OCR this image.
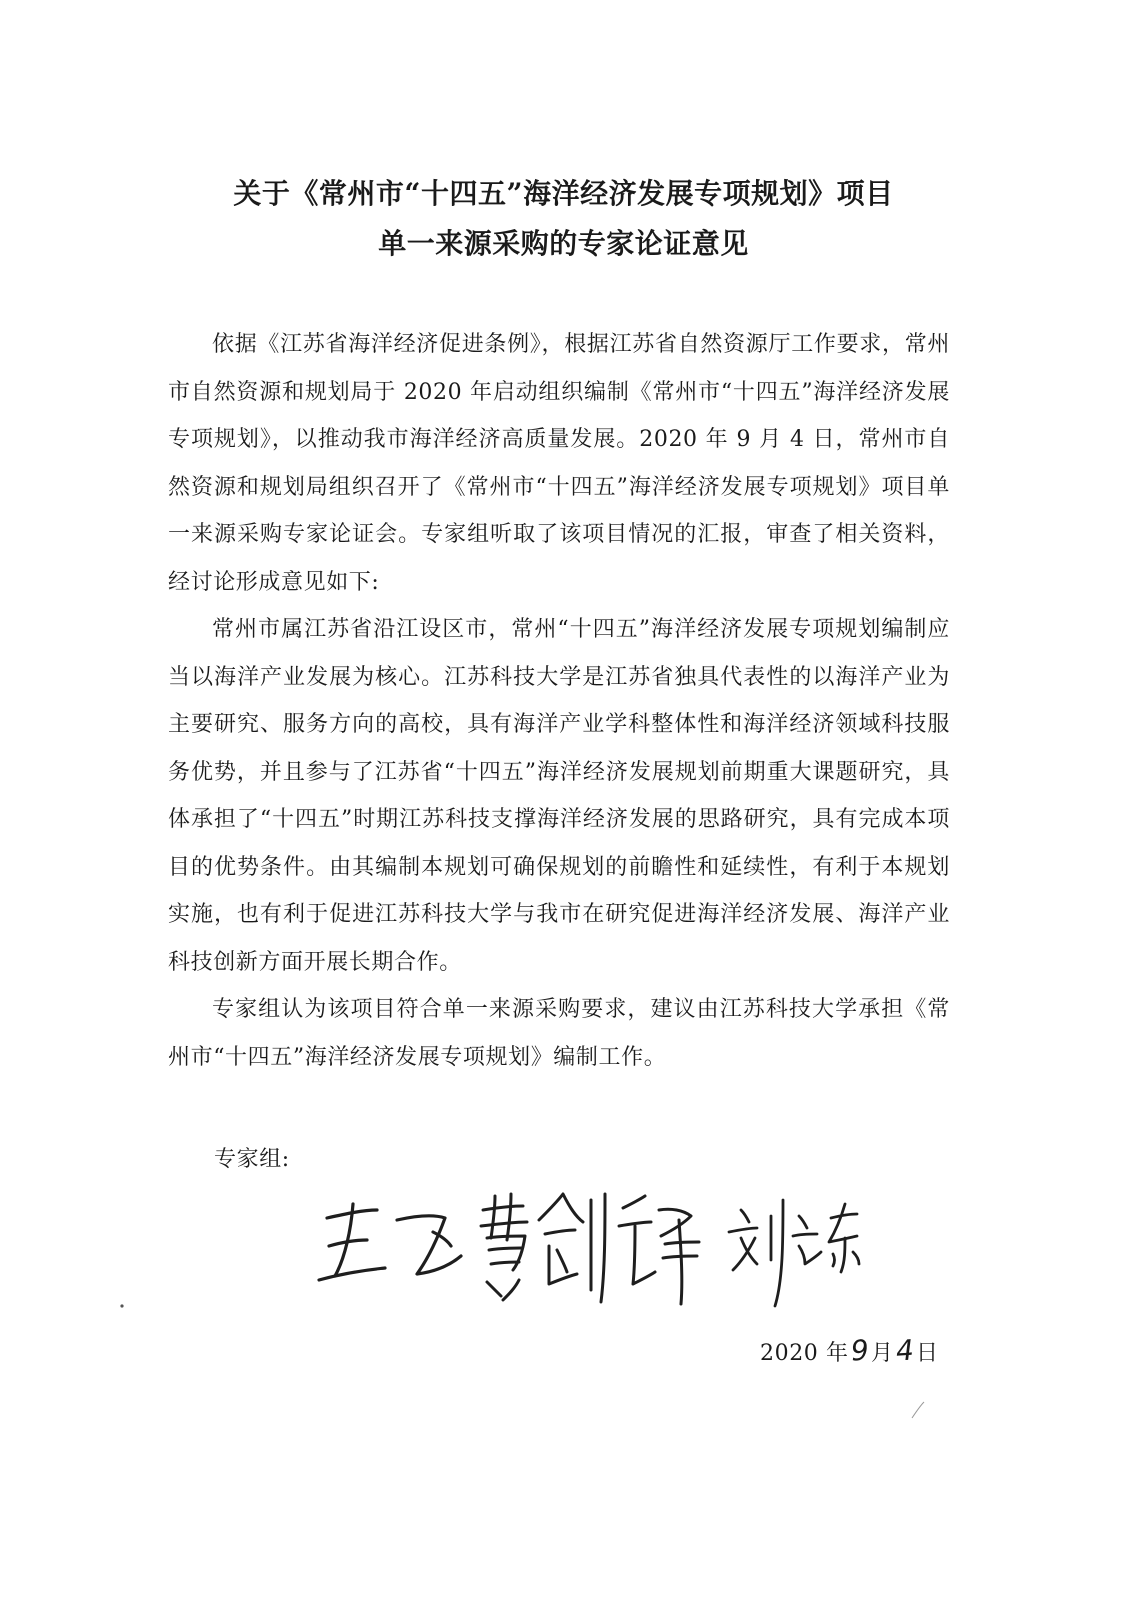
关于《常州市“十四五”海洋经济发展专项规划》项目
单一来源采购的专家论证意见

依据《江苏省海洋经济促进条例》，根据江苏省自然资源厅工作要求，常州市自然资源和规划局于 2020 年启动组织编制《常州市“十四五”海洋经济发展专项规划》，以推动我市海洋经济高质量发展。2020 年 9 月 4 日，常州市自然资源和规划局组织召开了《常州市“十四五”海洋经济发展专项规划》项目单一来源采购专家论证会。专家组听取了该项目情况的汇报，审查了相关资料，经讨论形成意见如下:

常州市属江苏省沿江设区市，常州“十四五”海洋经济发展专项规划编制应当以海洋产业发展为核心。江苏科技大学是江苏省独具代表性的以海洋产业为主要研究、服务方向的高校，具有海洋产业学科整体性和海洋经济领域科技服务优势，并且参与了江苏省“十四五”海洋经济发展规划前期重大课题研究，具体承担了“十四五”时期江苏科技支撑海洋经济发展的思路研究，具有完成本项目的优势条件。由其编制本规划可确保规划的前瞻性和延续性，有利于本规划实施，也有利于促进江苏科技大学与我市在研究促进海洋经济发展、海洋产业科技创新方面开展长期合作。

专家组认为该项目符合单一来源采购要求，建议由江苏科技大学承担《常州市“十四五”海洋经济发展专项规划》编制工作。

专家组:
2020 年9月4日
